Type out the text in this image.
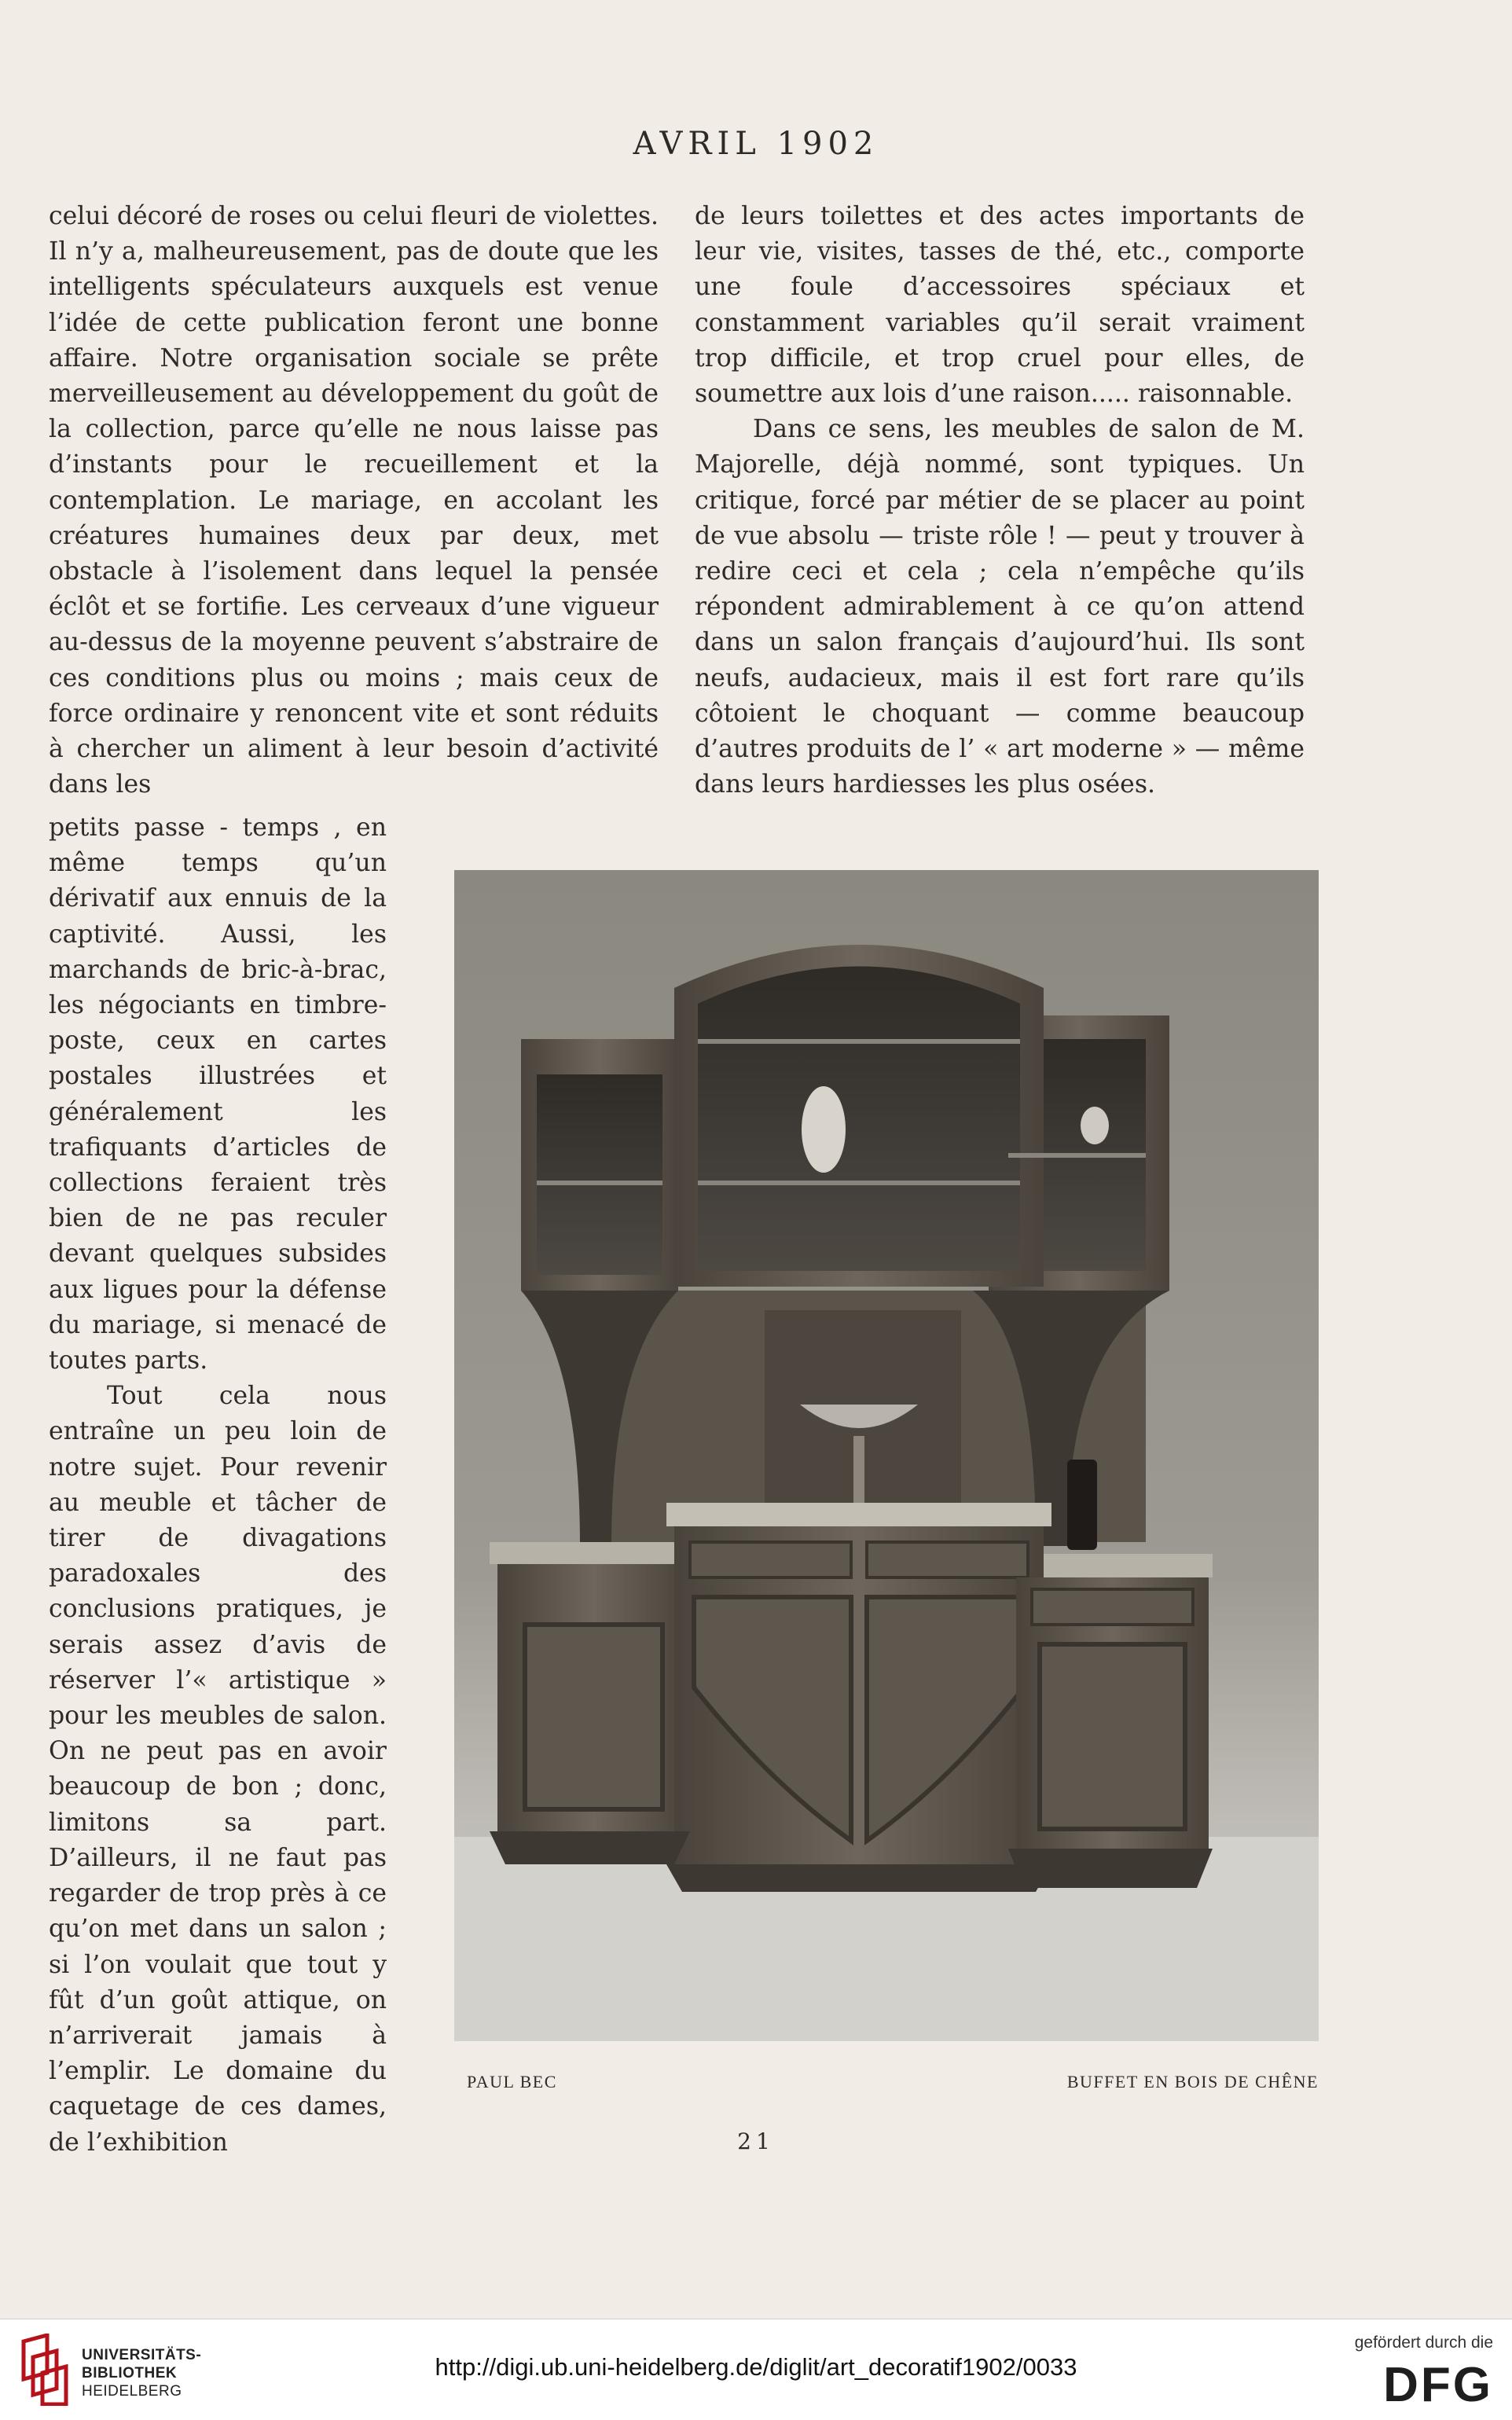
AVRIL 1902

celui décoré de roses ou celui fleuri de violettes. Il n’y a, malheureusement, pas de doute que les intelligents spéculateurs auxquels est venue l’idée de cette publication feront une bonne affaire. Notre organisation sociale se prête merveilleusement au développement du goût de la collection, parce qu’elle ne nous laisse pas d’instants pour le recueillement et la contemplation. Le mariage, en accolant les créatures humaines deux par deux, met obstacle à l’isolement dans lequel la pensée éclôt et se fortifie. Les cerveaux d’une vigueur au-dessus de la moyenne peuvent s’abstraire de ces conditions plus ou moins ; mais ceux de force ordinaire y renoncent vite et sont réduits à chercher un aliment à leur besoin d’activité dans les

petits passe - temps , en même temps qu’un dérivatif aux ennuis de la captivité. Aussi, les marchands de bric-à-brac, les négociants en timbre-poste, ceux en cartes postales illustrées et généralement les trafiquants d’articles de collections feraient très bien de ne pas reculer devant quelques subsides aux ligues pour la défense du mariage, si menacé de toutes parts.

Tout cela nous entraîne un peu loin de notre sujet. Pour revenir au meuble et tâcher de tirer de divagations paradoxales des conclusions pratiques, je serais assez d’avis de réserver l’« artistique » pour les meubles de salon. On ne peut pas en avoir beaucoup de bon ; donc, limitons sa part. D’ailleurs, il ne faut pas regarder de trop près à ce qu’on met dans un salon ; si l’on voulait que tout y fût d’un goût attique, on n’arriverait jamais à l’emplir. Le domaine du caquetage de ces dames, de l’exhibition

de leurs toilettes et des actes importants de leur vie, visites, tasses de thé, etc., comporte une foule d’accessoires spéciaux et constamment variables qu’il serait vraiment trop difficile, et trop cruel pour elles, de soumettre aux lois d’une raison..... raisonnable.

Dans ce sens, les meubles de salon de M. Majorelle, déjà nommé, sont typiques. Un critique, forcé par métier de se placer au point de vue absolu — triste rôle ! — peut y trouver à redire ceci et cela ; cela n’empêche qu’ils répondent admirablement à ce qu’on attend dans un salon français d’aujourd’hui. Ils sont neufs, audacieux, mais il est fort rare qu’ils côtoient le choquant — comme beaucoup d’autres produits de l’ « art moderne » — même dans leurs hardiesses les plus osées.

PAUL BEC	BUFFET EN BOIS DE CHÊNE
21
UNIVERSITÄTS-
BIBLIOTHEK
HEIDELBERG
http://digi.ub.uni-heidelberg.de/diglit/art_decoratif1902/0033
gefördert durch die
DFG
